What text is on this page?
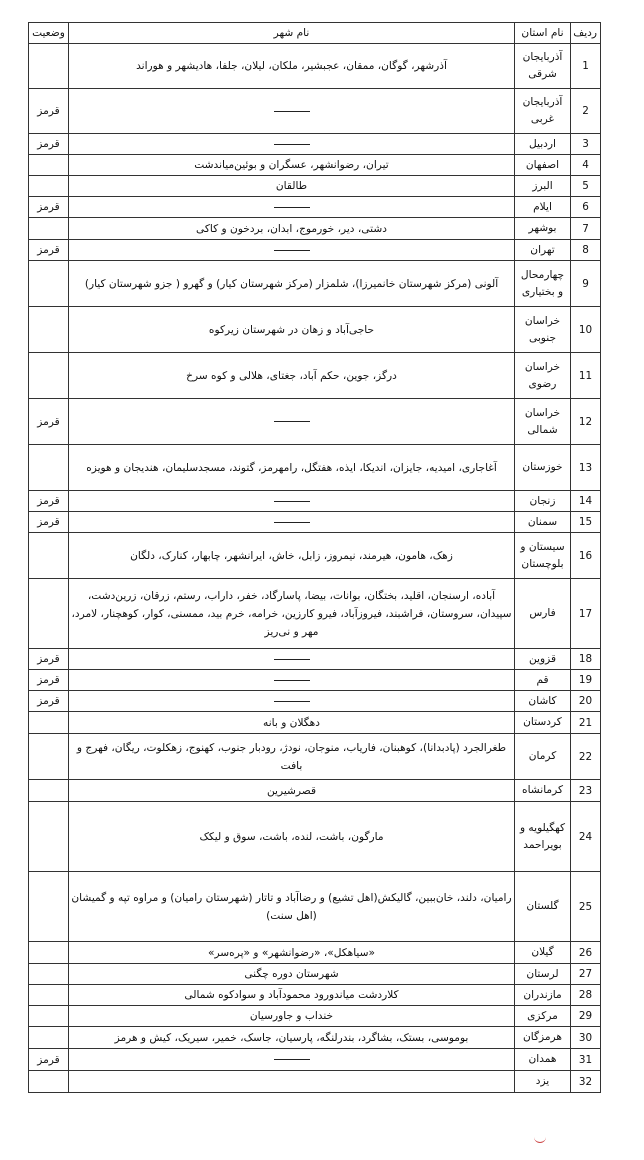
ردیف	نام استان	نام شهر	وضعیت
1	آذربایجان شرقی	آذرشهر، گوگان، ممقان، عجبشیر، ملکان، لیلان، جلفا، هادیشهر و هوراند	
2	آذربایجان غربی		قرمز
3	اردبیل		قرمز
4	اصفهان	تیران، رضوانشهر، عسگران و بوئین‌میاندشت	
5	البرز	طالقان	
6	ایلام		قرمز
7	بوشهر	دشتی، دیر، خورموج، ابدان، بردخون و کاکی	
8	تهران		قرمز
9	چهارمحال و بختیاری	آلونی (مرکز شهرستان خانمیرزا)، شلمزار (مرکز شهرستان کیار) و گهرو ( جزو شهرستان کیار)	
10	خراسان جنوبی	حاجی‌آباد و زهان در شهرستان زیرکوه	
11	خراسان رضوی	درگز، جوین، حکم آباد، جغتای، هلالی و کوه سرخ	
12	خراسان شمالی		قرمز
13	خوزستان	آغاجاری، امیدیه، جایزان، اندیکا، ایذه، هفتگل، رامهرمز، گتوند، مسجدسلیمان، هندیجان و هویزه	
14	زنجان		قرمز
15	سمنان		قرمز
16	سیستان و بلوچستان	زهک، هامون، هیرمند، نیمروز، زابل، خاش، ایرانشهر، چابهار، کنارک، دلگان	
17	فارس	آباده، ارسنجان، اقلید، بختگان، بوانات، بیضا، پاسارگاد، خفر، داراب، رستم، زرقان، زرین‌دشت، سپیدان، سروستان، فراشبند، فیروزآباد، فیرو کارزین، خرامه، خرم بید، ممسنی، کوار، کوهچنار، لامرد، مهر و نی‌ریز	
18	قزوین		قرمز
19	قم		قرمز
20	کاشان		قرمز
21	کردستان	دهگلان و بانه	
22	کرمان	طغرالجرد (پادبدانا)، کوهبنان، فاریاب، منوجان، نودژ، رودبار جنوب، کهنوج، زهکلوت، ریگان، فهرج و بافت	
23	کرمانشاه	قصرشیرین	
24	کهگیلویه و بویراحمد	مارگون، باشت، لنده، باشت، سوق و لیکک	
25	گلستان	رامیان، دلند، خان‌ببین، گالیکش(اهل تشیع) و رضاآباد و تاتار (شهرستان رامیان) و مراوه تپه و گمیشان (اهل سنت)	
26	گیلان	«سیاهکل»، «رضوانشهر» و «پره‌سر»	
27	لرستان	شهرستان دوره چگنی	
28	مازندران	کلاردشت میاندورود محمودآباد و سوادکوه شمالی	
29	مرکزی	خنداب و جاورسیان	
30	هرمزگان	بوموسی، بستک، بشاگرد، بندرلنگه، پارسیان، جاسک، خمیر، سیریک، کیش و هرمز	
31	همدان		قرمز
32	یزد		
